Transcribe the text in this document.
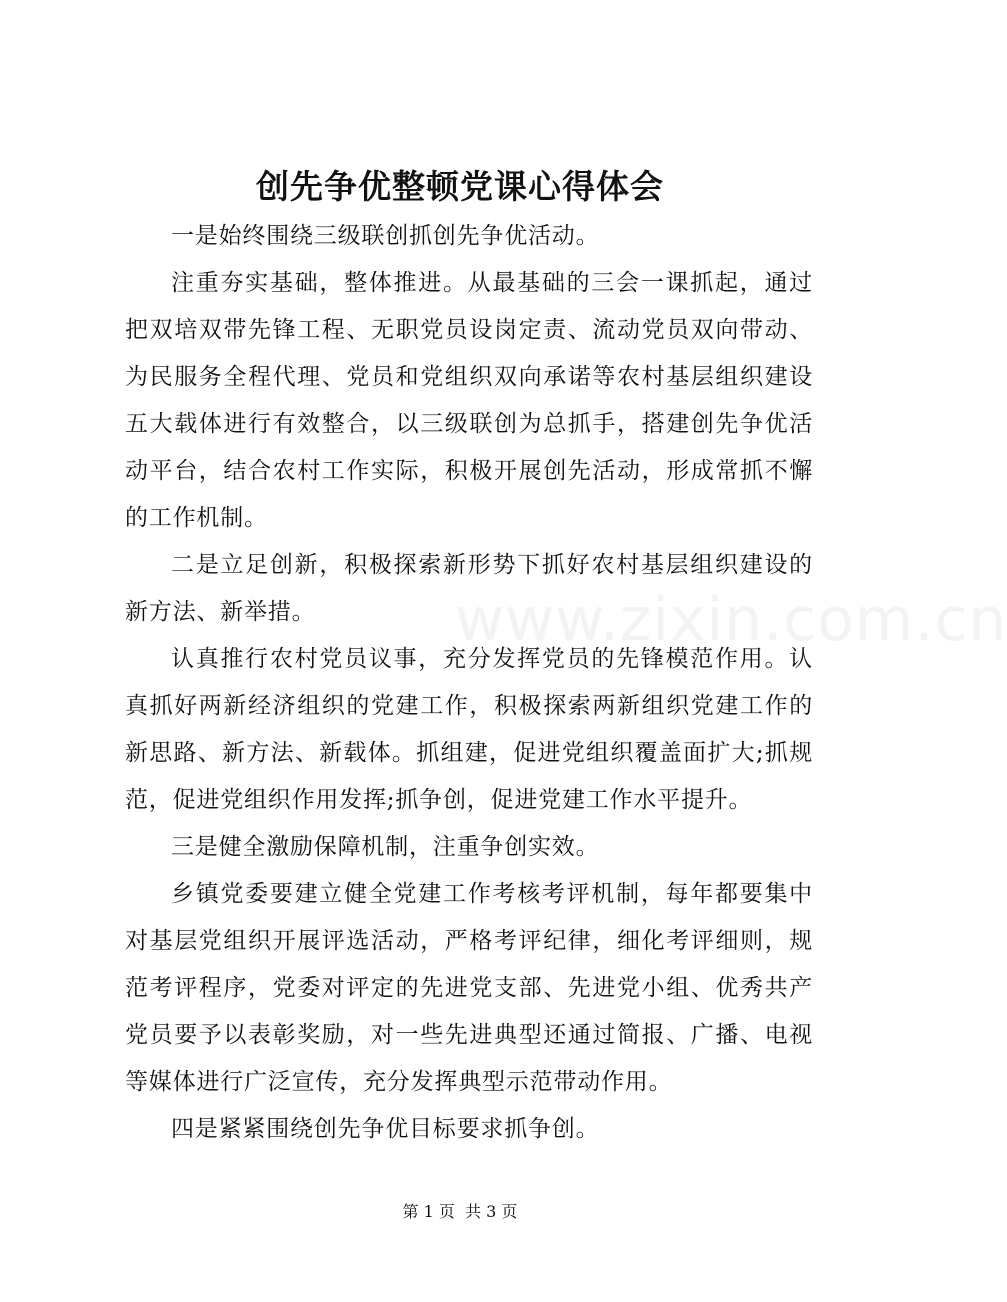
创先争优整顿党课心得体会

一是始终围绕三级联创抓创先争优活动。

注重夯实基础，整体推进。从最基础的三会一课抓起，通过把双培双带先锋工程、无职党员设岗定责、流动党员双向带动、为民服务全程代理、党员和党组织双向承诺等农村基层组织建设五大载体进行有效整合，以三级联创为总抓手，搭建创先争优活动平台，结合农村工作实际，积极开展创先活动，形成常抓不懈的工作机制。

二是立足创新，积极探索新形势下抓好农村基层组织建设的新方法、新举措。

认真推行农村党员议事，充分发挥党员的先锋模范作用。认真抓好两新经济组织的党建工作，积极探索两新组织党建工作的新思路、新方法、新载体。抓组建，促进党组织覆盖面扩大;抓规范，促进党组织作用发挥;抓争创，促进党建工作水平提升。

三是健全激励保障机制，注重争创实效。

乡镇党委要建立健全党建工作考核考评机制，每年都要集中对基层党组织开展评选活动，严格考评纪律，细化考评细则，规范考评程序，党委对评定的先进党支部、先进党小组、优秀共产党员要予以表彰奖励，对一些先进典型还通过简报、广播、电视等媒体进行广泛宣传，充分发挥典型示范带动作用。

四是紧紧围绕创先争优目标要求抓争创。

www.zixin.com.cn
第 1 页  共 3 页
